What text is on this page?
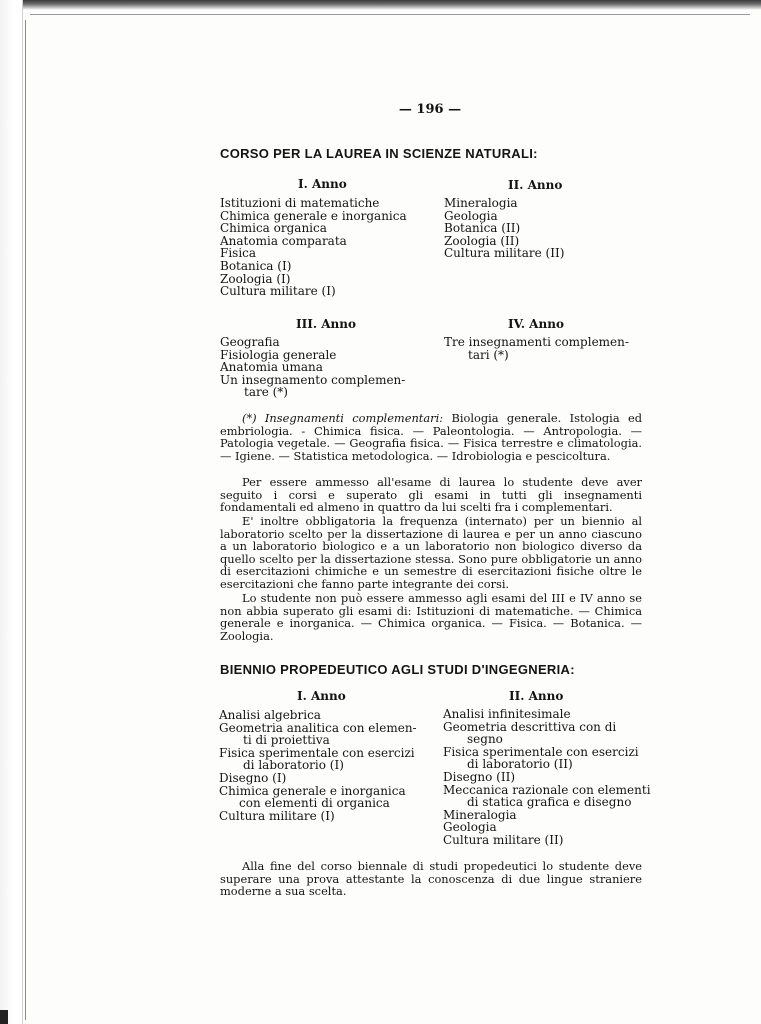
— 196 —
CORSO PER LA LAUREA IN SCIENZE NATURALI:
I. Anno
Istituzioni di matematiche
Chimica generale e inorganica
Chimica organica
Anatomia comparata
Fisica
Botanica (I)
Zoologia (I)
Cultura militare (I)
II. Anno
Mineralogia
Geologia
Botanica (II)
Zoologia (II)
Cultura militare (II)
III. Anno
Geografia
Fisiologia generale
Anatomia umana
Un insegnamento complemen-
tare (*)
IV. Anno
Tre insegnamenti complemen-
tari (*)

(*) Insegnamenti complementari: Biologia generale. Istologia ed embriologia. - Chimica fisica. — Paleontologia. — Antropologia. — Patologia vegetale. — Geografia fisica. — Fisica terrestre e climatologia. — Igiene. — Statistica metodologica. — Idrobiologia e pescicoltura.

Per essere ammesso all'esame di laurea lo studente deve aver seguito i corsi e superato gli esami in tutti gli insegnamenti fondamentali ed almeno in quattro da lui scelti fra i complementari.

E' inoltre obbligatoria la frequenza (internato) per un biennio al laboratorio scelto per la dissertazione di laurea e per un anno ciascuno a un laboratorio biologico e a un laboratorio non biologico diverso da quello scelto per la dissertazione stessa. Sono pure obbligatorie un anno di esercitazioni chimiche e un semestre di esercitazioni fisiche oltre le esercitazioni che fanno parte integrante dei corsi.

Lo studente non può essere ammesso agli esami del III e IV anno se non abbia superato gli esami di: Istituzioni di matematiche. — Chimica generale e inorganica. — Chimica organica. — Fisica. — Botanica. — Zoologia.

BIENNIO PROPEDEUTICO AGLI STUDI D'INGEGNERIA:
I. Anno
Analisi algebrica
Geometria analitica con elemen-
ti di proiettiva
Fisica sperimentale con esercizi
di laboratorio (I)
Disegno (I)
Chimica generale e inorganica
con elementi di organica
Cultura militare (I)
II. Anno
Analisi infinitesimale
Geometria descrittiva con di
segno
Fisica sperimentale con esercizi
di laboratorio (II)
Disegno (II)
Meccanica razionale con elementi
di statica grafica e disegno
Mineralogia
Geologia
Cultura militare (II)

Alla fine del corso biennale di studi propedeutici lo studente deve superare una prova attestante la conoscenza di due lingue straniere moderne a sua scelta.
